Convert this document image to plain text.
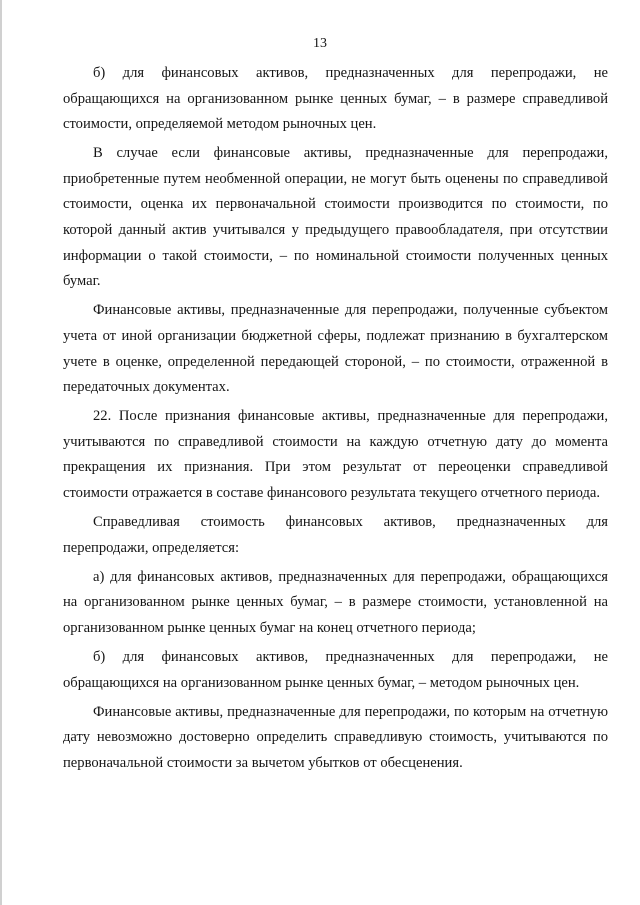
13

б) для финансовых активов, предназначенных для перепродажи, не обращающихся на организованном рынке ценных бумаг, – в размере справедливой стоимости, определяемой методом рыночных цен.

В случае если финансовые активы, предназначенные для перепродажи, приобретенные путем необменной операции, не могут быть оценены по справедливой стоимости, оценка их первоначальной стоимости производится по стоимости, по которой данный актив учитывался у предыдущего правообладателя, при отсутствии информации о такой стоимости, – по номинальной стоимости полученных ценных бумаг.

Финансовые активы, предназначенные для перепродажи, полученные субъектом учета от иной организации бюджетной сферы, подлежат признанию в бухгалтерском учете в оценке, определенной передающей стороной, – по стоимости, отраженной в передаточных документах.

22. После признания финансовые активы, предназначенные для перепродажи, учитываются по справедливой стоимости на каждую отчетную дату до момента прекращения их признания. При этом результат от переоценки справедливой стоимости отражается в составе финансового результата текущего отчетного периода.

Справедливая стоимость финансовых активов, предназначенных для перепродажи, определяется:

а) для финансовых активов, предназначенных для перепродажи, обращающихся на организованном рынке ценных бумаг, – в размере стоимости, установленной на организованном рынке ценных бумаг на конец отчетного периода;

б) для финансовых активов, предназначенных для перепродажи, не обращающихся на организованном рынке ценных бумаг, – методом рыночных цен.

Финансовые активы, предназначенные для перепродажи, по которым на отчетную дату невозможно достоверно определить справедливую стоимость, учитываются по первоначальной стоимости за вычетом убытков от обесценения.
